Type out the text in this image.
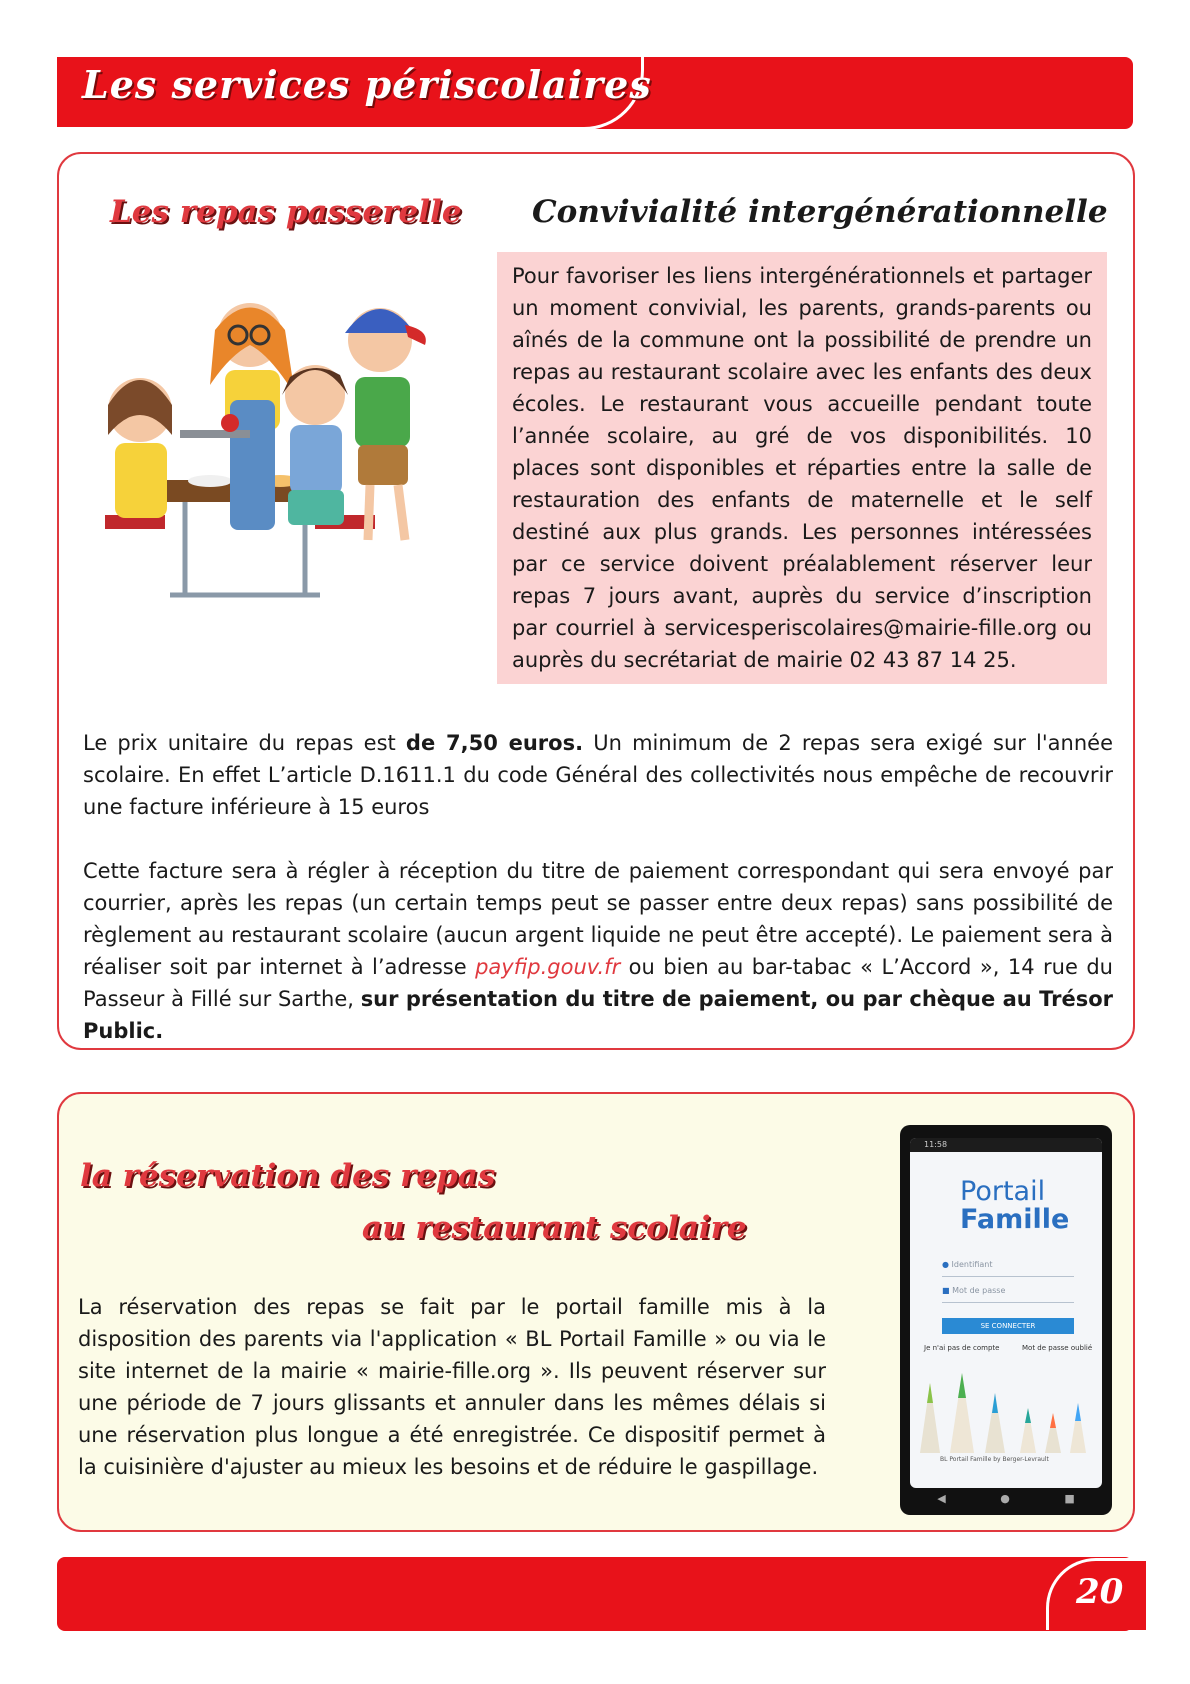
Les services périscolaires
Les repas passerelle Convivialité intergénérationnelle
Pour favoriser les liens intergénérationnels et partager un moment convivial, les parents, grands-parents ou aînés de la commune ont la possibilité de prendre un repas au restaurant scolaire avec les enfants des deux écoles. Le restaurant vous accueille pendant toute l’année scolaire, au gré de vos disponibilités. 10 places sont disponibles et réparties entre la salle de restauration des enfants de maternelle et le self destiné aux plus grands. Les personnes intéressées par ce service doivent préalablement réserver leur repas 7 jours avant, auprès du service d’inscription par courriel à servicesperiscolaires@mairie-fille.org ou auprès du secrétariat de mairie 02 43 87 14 25.
Le prix unitaire du repas est de 7,50 euros. Un minimum de 2 repas sera exigé sur l'année scolaire. En effet L’article D.1611.1 du code Général des collectivités nous empêche de recouvrir une facture inférieure à 15 euros
Cette facture sera à régler à réception du titre de paiement correspondant qui sera envoyé par courrier, après les repas (un certain temps peut se passer entre deux repas) sans possibilité de règlement au restaurant scolaire (aucun argent liquide ne peut être accepté). Le paiement sera à réaliser soit par internet à l’adresse payfip.gouv.fr ou bien au bar-tabac « L’Accord », 14 rue du Passeur à Fillé sur Sarthe, sur présentation du titre de paiement, ou par chèque au Trésor Public.
la réservation des repas
au restaurant scolaire
La réservation des repas se fait par le portail famille mis à la disposition des parents via l'application « BL Portail Famille » ou via le site internet de la mairie « mairie-fille.org ». Ils peuvent réserver sur une période de 7 jours glissants et annuler dans les mêmes délais si une réservation plus longue a été enregistrée. Ce dispositif permet à la cuisinière d'ajuster au mieux les besoins et de réduire le gaspillage.
11:58
Portail
Famille
● Identifiant
■ Mot de passe
SE CONNECTER
Je n'ai pas de compte	Mot de passe oublié
BL Portail Famille by Berger-Levrault
◀	●	■
20
